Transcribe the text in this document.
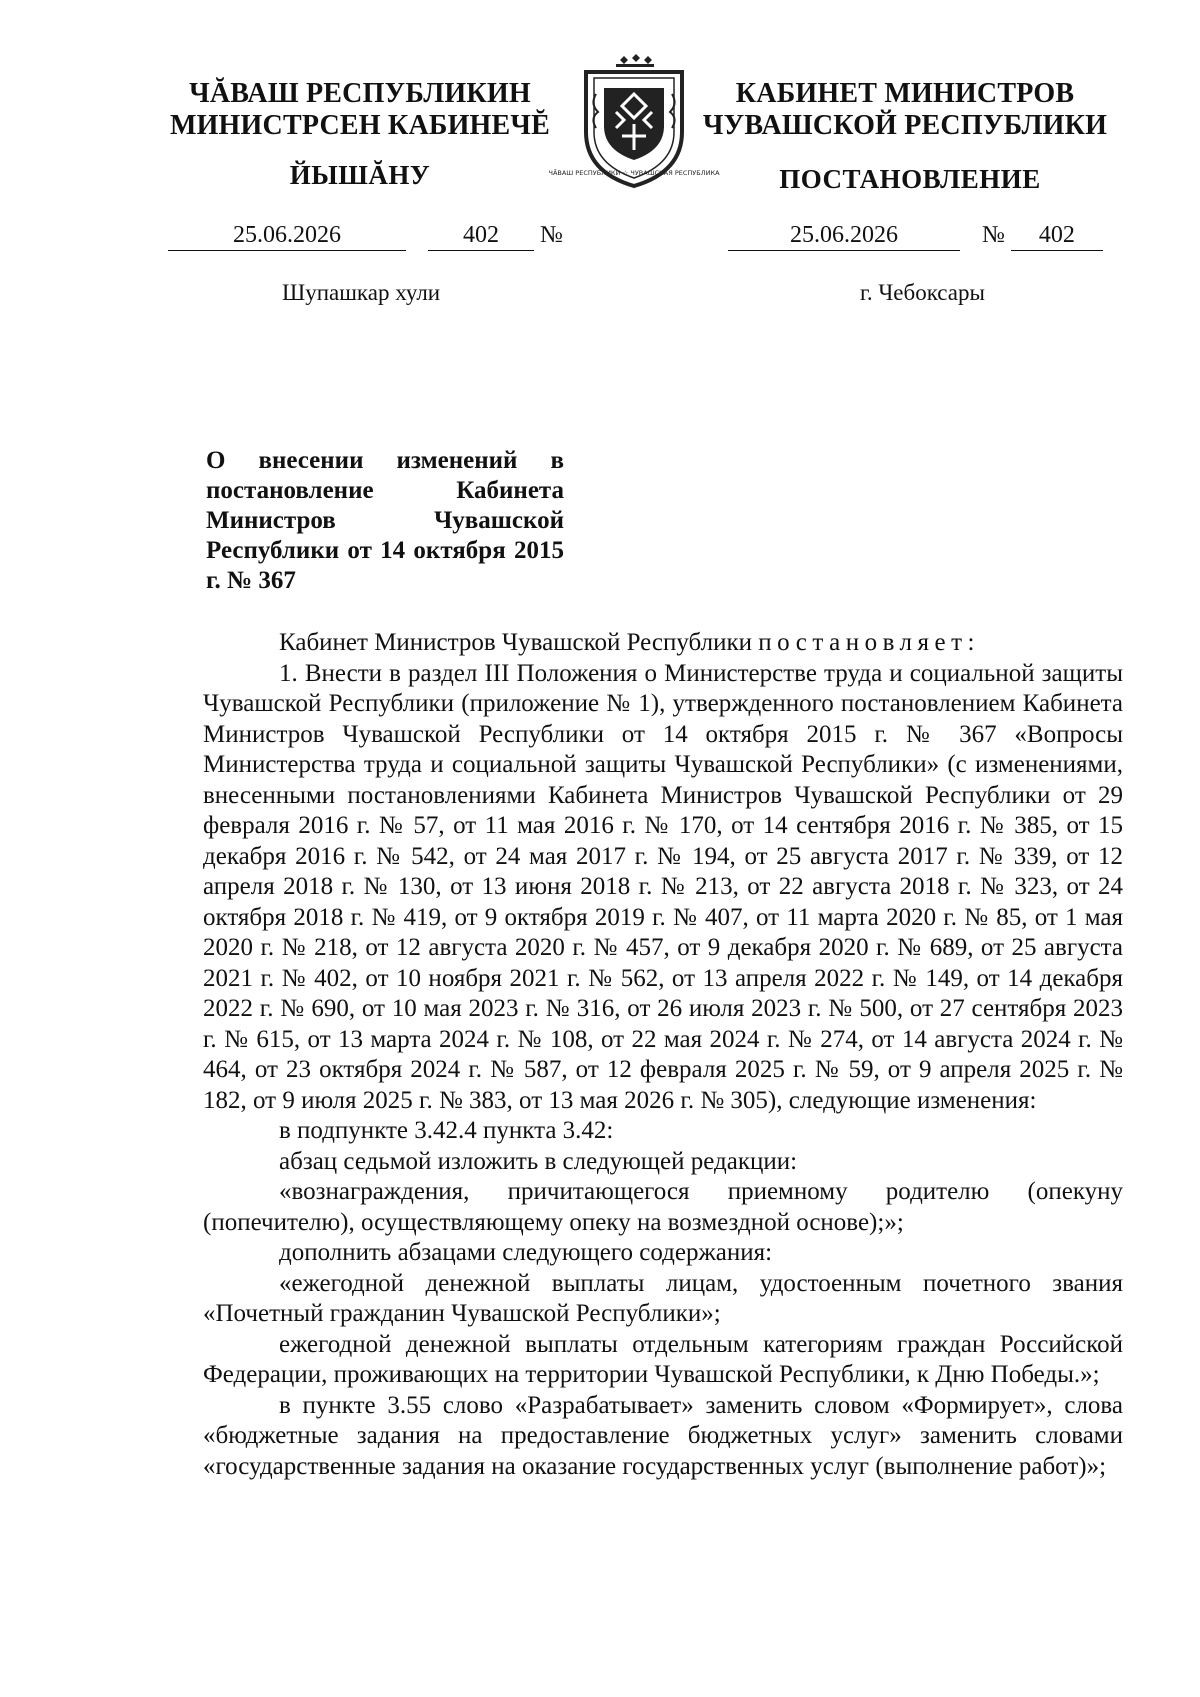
ЧĂВАШ РЕСПУБЛИКИН
МИНИСТРСЕН КАБИНЕЧĔ
ЙЫШĂНУ	ЧĂВАШ РЕСПУБЛИКИ ☆ ЧУВАШСКАЯ РЕСПУБЛИКА
КАБИНЕТ МИНИСТРОВ
ЧУВАШСКОЙ РЕСПУБЛИКИ
ПОСТАНОВЛЕНИЕ
25.06.2026	402 №	25.06.2026	№ 402
Шупашкар хули	г. Чебоксары
О внесении изменений в постановление Кабинета Министров Чувашской Республики от 14 октября 2015 г. № 367

Кабинет Министров Чувашской Республики постановляет:

1. Внести в раздел III Положения о Министерстве труда и социальной защиты Чувашской Республики (приложение № 1), утвержденного постановлением Кабинета Министров Чувашской Республики от 14 октября 2015 г. № 367 «Вопросы Министерства труда и социальной защиты Чувашской Республики» (с изменениями, внесенными постановлениями Кабинета Министров Чувашской Республики от 29 февраля 2016 г. № 57, от 11 мая 2016 г. № 170, от 14 сентября 2016 г. № 385, от 15 декабря 2016 г. № 542, от 24 мая 2017 г. № 194, от 25 августа 2017 г. № 339, от 12 апреля 2018 г. № 130, от 13 июня 2018 г. № 213, от 22 августа 2018 г. № 323, от 24 октября 2018 г. № 419, от 9 октября 2019 г. № 407, от 11 марта 2020 г. № 85, от 1 мая 2020 г. № 218, от 12 августа 2020 г. № 457, от 9 декабря 2020 г. № 689, от 25 августа 2021 г. № 402, от 10 ноября 2021 г. № 562, от 13 апреля 2022 г. № 149, от 14 декабря 2022 г. № 690, от 10 мая 2023 г. № 316, от 26 июля 2023 г. № 500, от 27 сентября 2023 г. № 615, от 13 марта 2024 г. № 108, от 22 мая 2024 г. № 274, от 14 августа 2024 г. № 464, от 23 октября 2024 г. № 587, от 12 февраля 2025 г. № 59, от 9 апреля 2025 г. № 182, от 9 июля 2025 г. № 383, от 13 мая 2026 г. № 305), следующие изменения:

в подпункте 3.42.4 пункта 3.42:

абзац седьмой изложить в следующей редакции:

«вознаграждения, причитающегося приемному родителю (опекуну (попечителю), осуществляющему опеку на возмездной основе);»;

дополнить абзацами следующего содержания:

«ежегодной денежной выплаты лицам, удостоенным почетного звания «Почетный гражданин Чувашской Республики»;

ежегодной денежной выплаты отдельным категориям граждан Российской Федерации, проживающих на территории Чувашской Республики, к Дню Победы.»;

в пункте 3.55 слово «Разрабатывает» заменить словом «Формирует», слова «бюджетные задания на предоставление бюджетных услуг» заменить словами «государственные задания на оказание государственных услуг (выполнение работ)»;
